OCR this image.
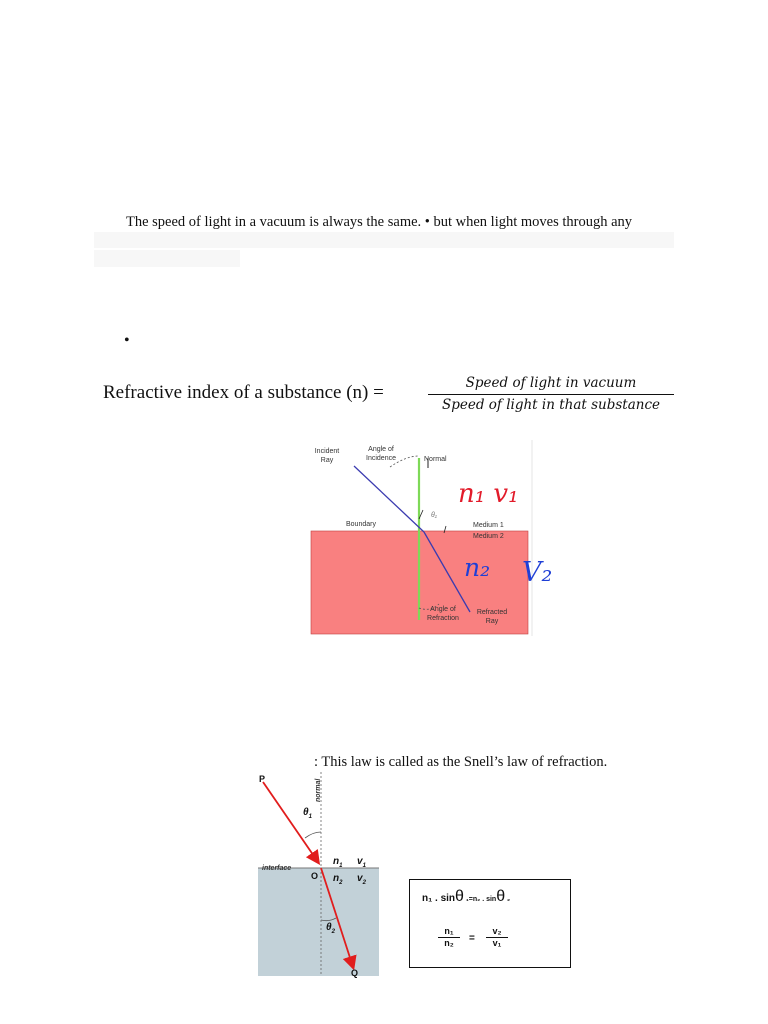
The speed of light in a vacuum is always the same. • but when light moves through any
•
Refractive index of a substance (n) =	Speed of light in vacuum
Speed of light in that substance
Incident
Ray
Angle of
Incidence	Normal
Boundary	Medium 1
Medium 2
Angle of
Refraction
Refracted
Ray
θ₁
n₁ v₁
n₂ V₂
: This law is called as the Snell’s law of refraction.
P
Q
O
normal
interface
$\theta_1$
$\theta_2$
$n_1$ $v_1$
$n_2$ $v_2$
n₁ . sinθ ₁=n₂ . sinθ ₂
$\frac{\text{n₁}}{\text{n₂}} = \frac{\text{v₂}}{\text{v₁}}$
